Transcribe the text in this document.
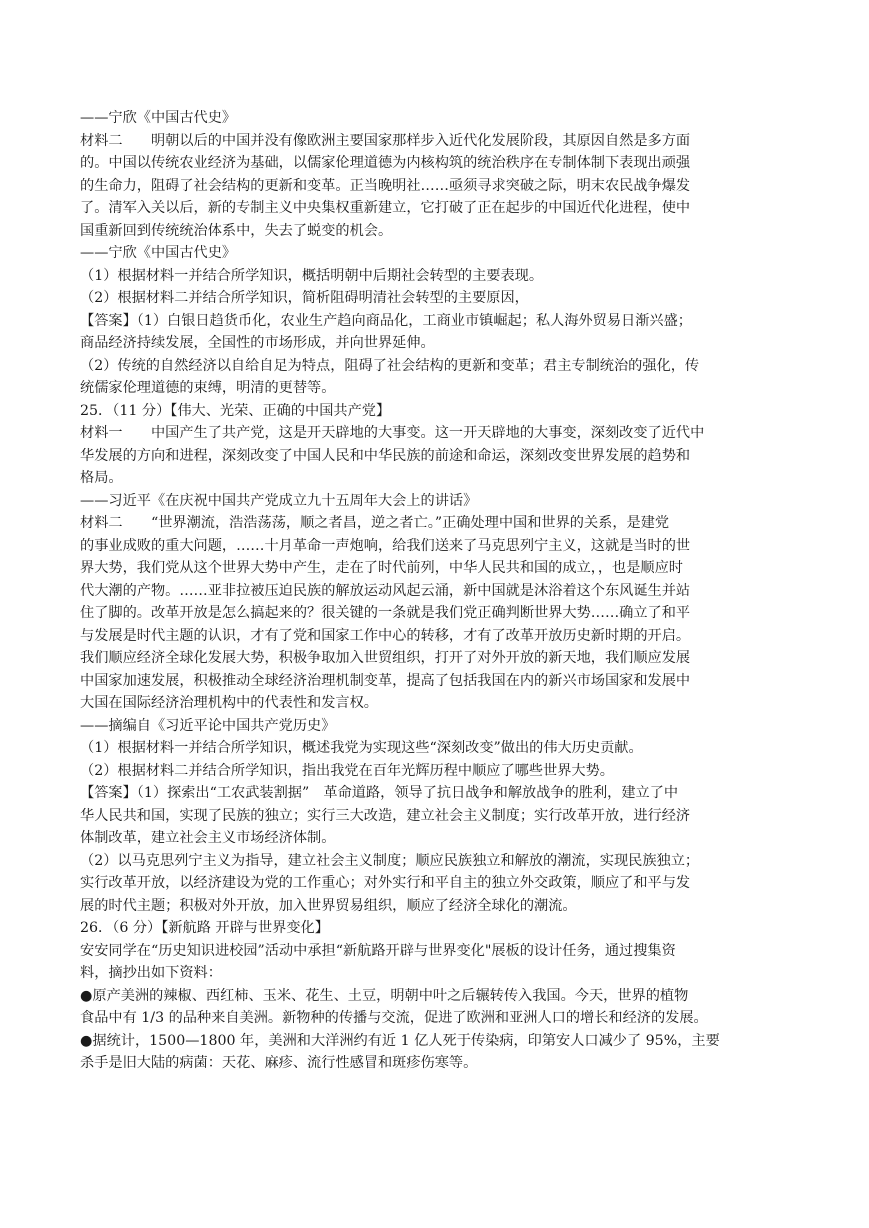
——宁欣《中国古代史》
材料二　　明朝以后的中国并没有像欧洲主要国家那样步入近代化发展阶段，其原因自然是多方面
的。中国以传统农业经济为基础，以儒家伦理道德为内核构筑的统治秩序在专制体制下表现出顽强
的生命力，阻碍了社会结构的更新和变革。正当晚明社……亟须寻求突破之际，明末农民战争爆发
了。清军入关以后，新的专制主义中央集权重新建立，它打破了正在起步的中国近代化进程，使中
国重新回到传统统治体系中，失去了蜕变的机会。
——宁欣《中国古代史》
（1）根据材料一并结合所学知识，概括明朝中后期社会转型的主要表现。
（2）根据材料二并结合所学知识，简析阻碍明清社会转型的主要原因，
【答案】（1）白银日趋货币化，农业生产趋向商品化，工商业市镇崛起；私人海外贸易日渐兴盛；
商品经济持续发展，全国性的市场形成，并向世界延伸。
（2）传统的自然经济以自给自足为特点，阻碍了社会结构的更新和变革；君主专制统治的强化，传
统儒家伦理道德的束缚，明清的更替等。
25．（11 分）【伟大、光荣、正确的中国共产党】
材料一　　中国产生了共产党，这是开天辟地的大事变。这一开天辟地的大事变，深刻改变了近代中
华发展的方向和进程，深刻改变了中国人民和中华民族的前途和命运，深刻改变世界发展的趋势和
格局。
——习近平《在庆祝中国共产党成立九十五周年大会上的讲话》
材料二　　“世界潮流，浩浩荡荡，顺之者昌，逆之者亡。”正确处理中国和世界的关系，是建党
的事业成败的重大问题，……十月革命一声炮响，给我们送来了马克思列宁主义，这就是当时的世
界大势，我们党从这个世界大势中产生，走在了时代前列，中华人民共和国的成立，，也是顺应时
代大潮的产物。……亚非拉被压迫民族的解放运动风起云涌，新中国就是沐浴着这个东风诞生并站
住了脚的。改革开放是怎么搞起来的？很关键的一条就是我们党正确判断世界大势……确立了和平
与发展是时代主题的认识，才有了党和国家工作中心的转移，才有了改革开放历史新时期的开启。
我们顺应经济全球化发展大势，积极争取加入世贸组织，打开了对外开放的新天地，我们顺应发展
中国家加速发展，积极推动全球经济治理机制变革，提高了包括我国在内的新兴市场国家和发展中
大国在国际经济治理机构中的代表性和发言权。
——摘编自《习近平论中国共产党历史》
（1）根据材料一并结合所学知识，概述我党为实现这些“深刻改变”做出的伟大历史贡献。
（2）根据材料二并结合所学知识，指出我党在百年光辉历程中顺应了哪些世界大势。
【答案】（1）探索出“工农武装割据”　革命道路，领导了抗日战争和解放战争的胜利，建立了中
华人民共和国，实现了民族的独立；实行三大改造，建立社会主义制度；实行改革开放，进行经济
体制改革，建立社会主义市场经济体制。
（2）以马克思列宁主义为指导，建立社会主义制度；顺应民族独立和解放的潮流，实现民族独立；
实行改革开放，以经济建设为党的工作重心；对外实行和平自主的独立外交政策，顺应了和平与发
展的时代主题；积极对外开放，加入世界贸易组织，顺应了经济全球化的潮流。
26．（6 分）【新航路 开辟与世界变化】
安安同学在“历史知识进校园”活动中承担“新航路开辟与世界变化"展板的设计任务，通过搜集资
料，摘抄出如下资料：
●原产美洲的辣椒、西红柿、玉米、花生、土豆，明朝中叶之后辗转传入我国。今天，世界的植物
食品中有 1/3 的品种来自美洲。新物种的传播与交流，促进了欧洲和亚洲人口的增长和经济的发展。
●据统计，1500—1800 年，美洲和大洋洲约有近 1 亿人死于传染病，印第安人口减少了 95%，主要
杀手是旧大陆的病菌：天花、麻疹、流行性感冒和斑疹伤寒等。
